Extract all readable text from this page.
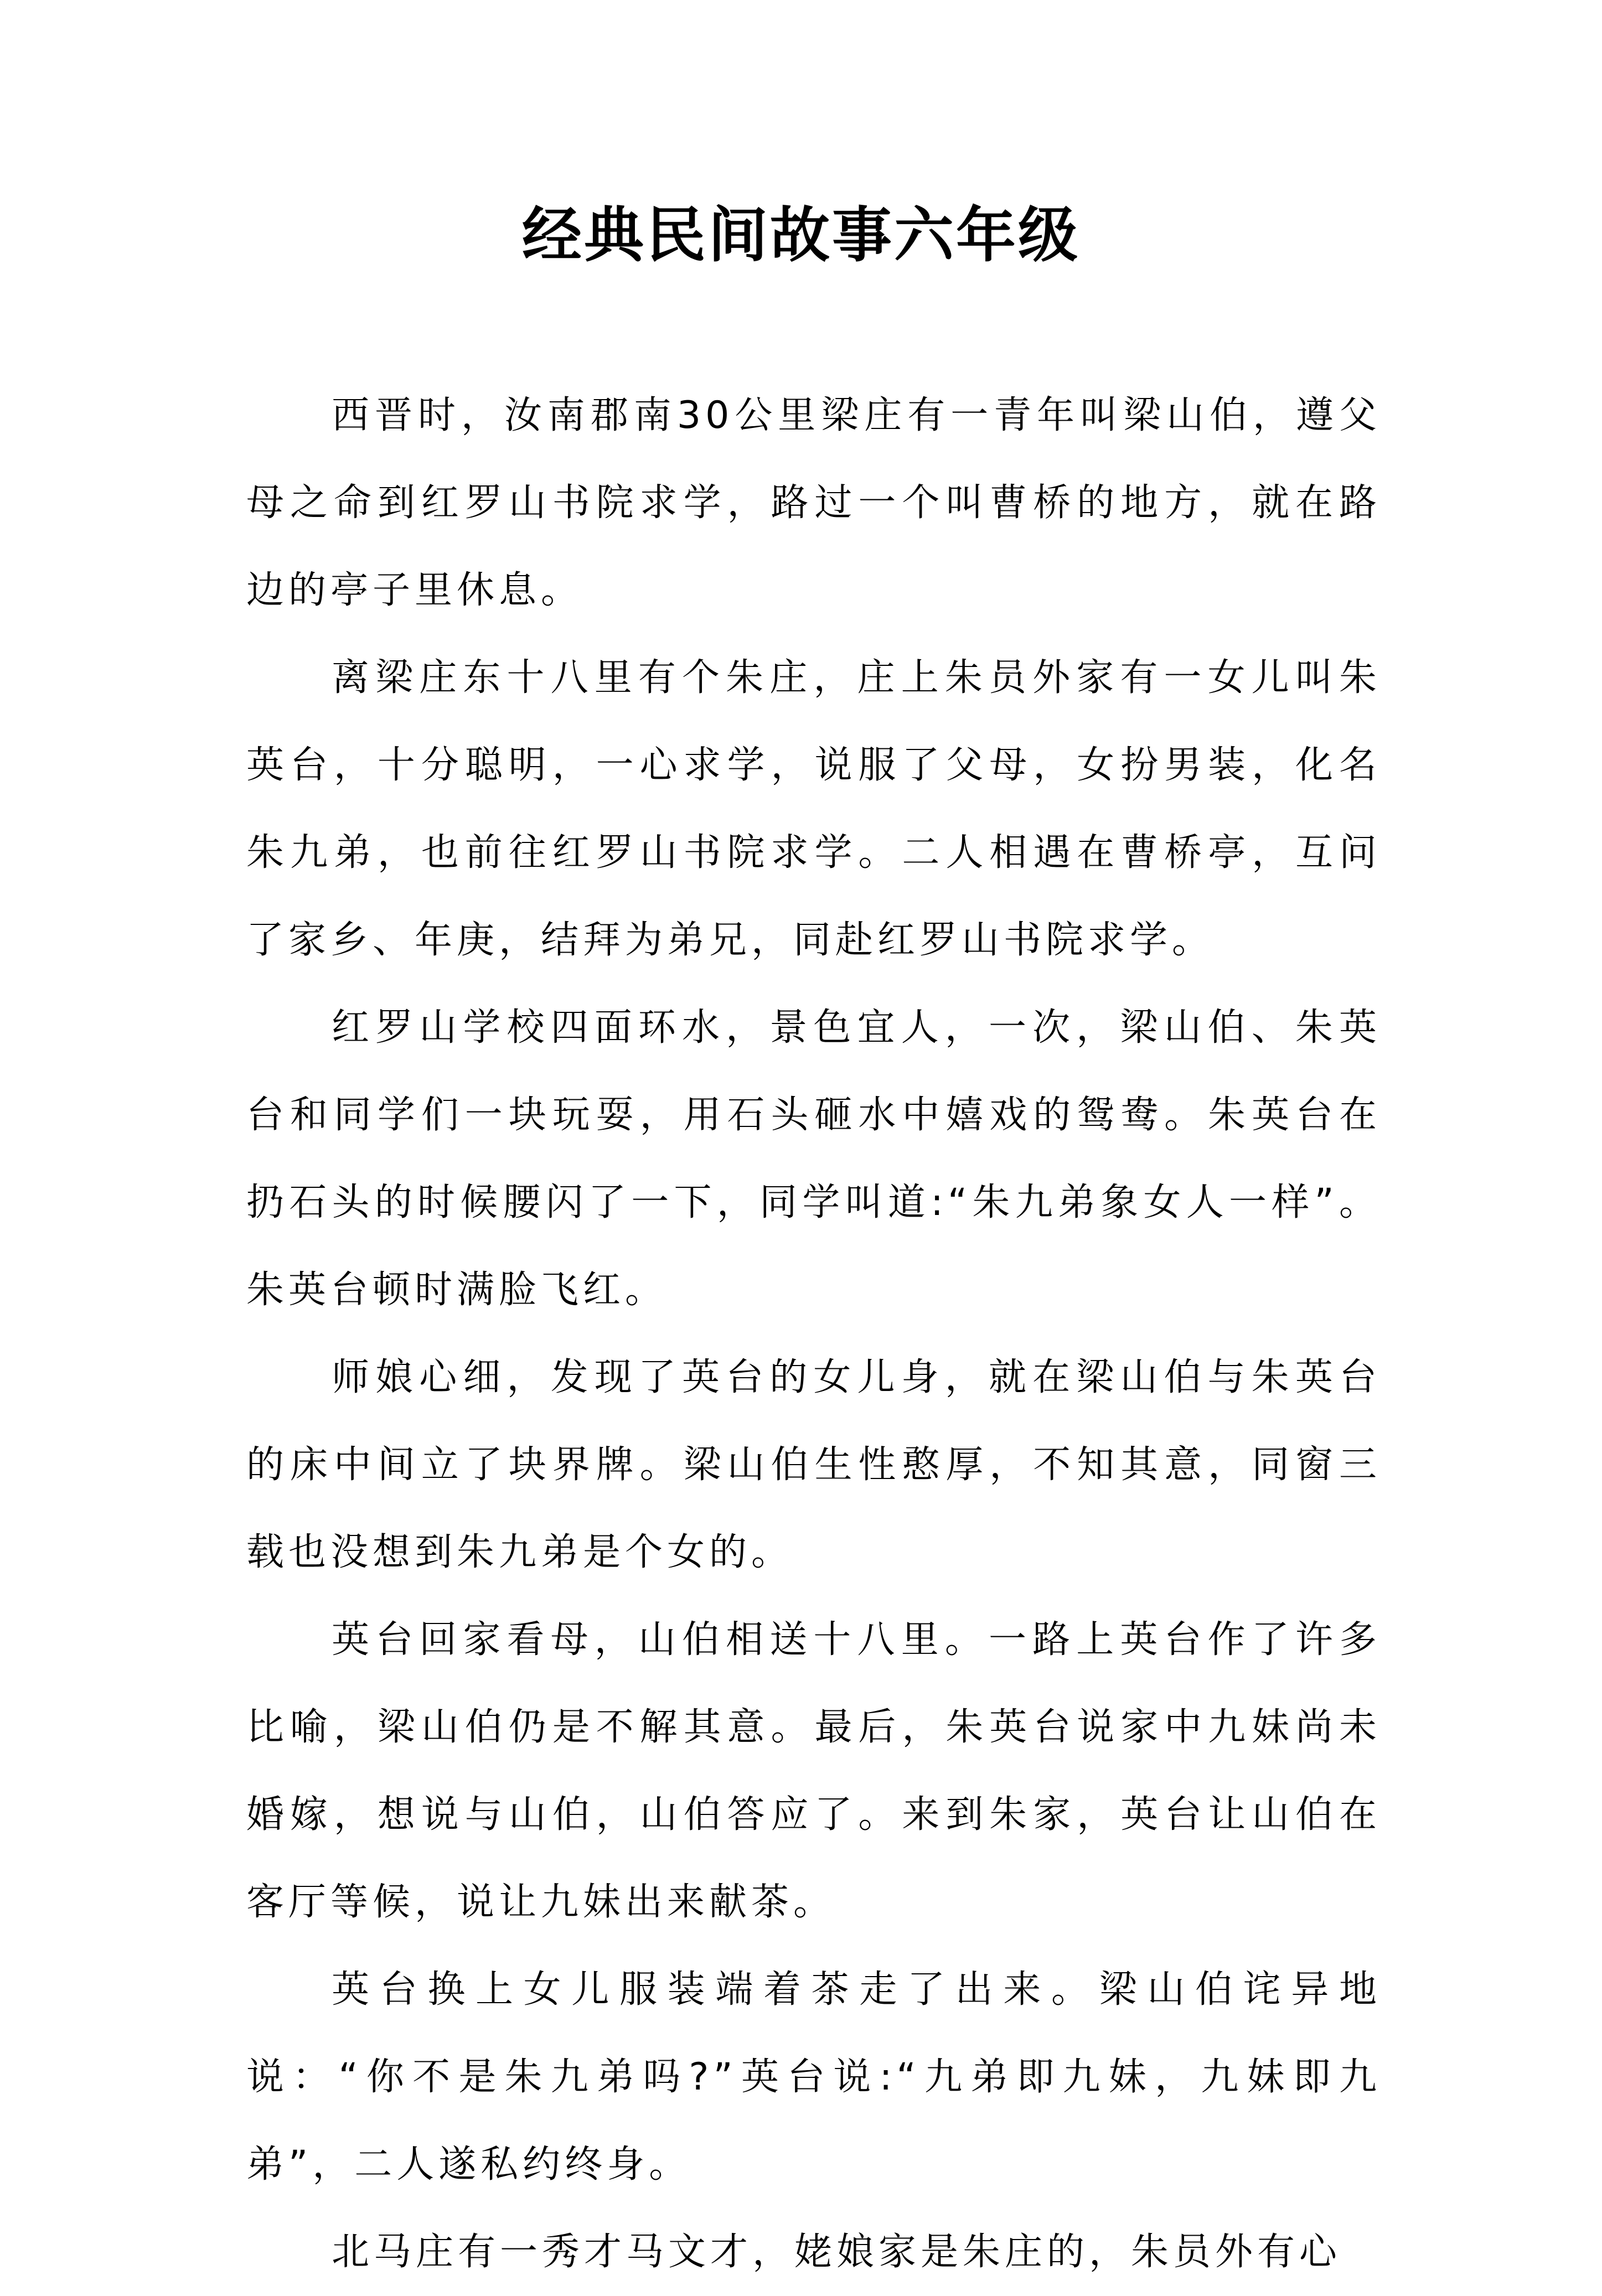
经典民间故事六年级

西晋时，汝南郡南30公里梁庄有一青年叫梁山伯，遵父母之命到红罗山书院求学，路过一个叫曹桥的地方，就在路边的亭子里休息。

离梁庄东十八里有个朱庄，庄上朱员外家有一女儿叫朱英台，十分聪明，一心求学，说服了父母，女扮男装，化名朱九弟，也前往红罗山书院求学。二人相遇在曹桥亭，互问了家乡、年庚，结拜为弟兄，同赴红罗山书院求学。

红罗山学校四面环水，景色宜人，一次，梁山伯、朱英台和同学们一块玩耍，用石头砸水中嬉戏的鸳鸯。朱英台在扔石头的时候腰闪了一下，同学叫道:“朱九弟象女人一样”。朱英台顿时满脸飞红。

师娘心细，发现了英台的女儿身，就在梁山伯与朱英台的床中间立了块界牌。梁山伯生性憨厚，不知其意，同窗三载也没想到朱九弟是个女的。

英台回家看母，山伯相送十八里。一路上英台作了许多比喻，梁山伯仍是不解其意。最后，朱英台说家中九妹尚未婚嫁，想说与山伯，山伯答应了。来到朱家，英台让山伯在客厅等候，说让九妹出来献茶。

英台换上女儿服装端着茶走了出来。梁山伯诧异地说：“你不是朱九弟吗?”英台说:“九弟即九妹，九妹即九弟”，二人遂私约终身。

北马庄有一秀才马文才，姥娘家是朱庄的，朱员外有心
